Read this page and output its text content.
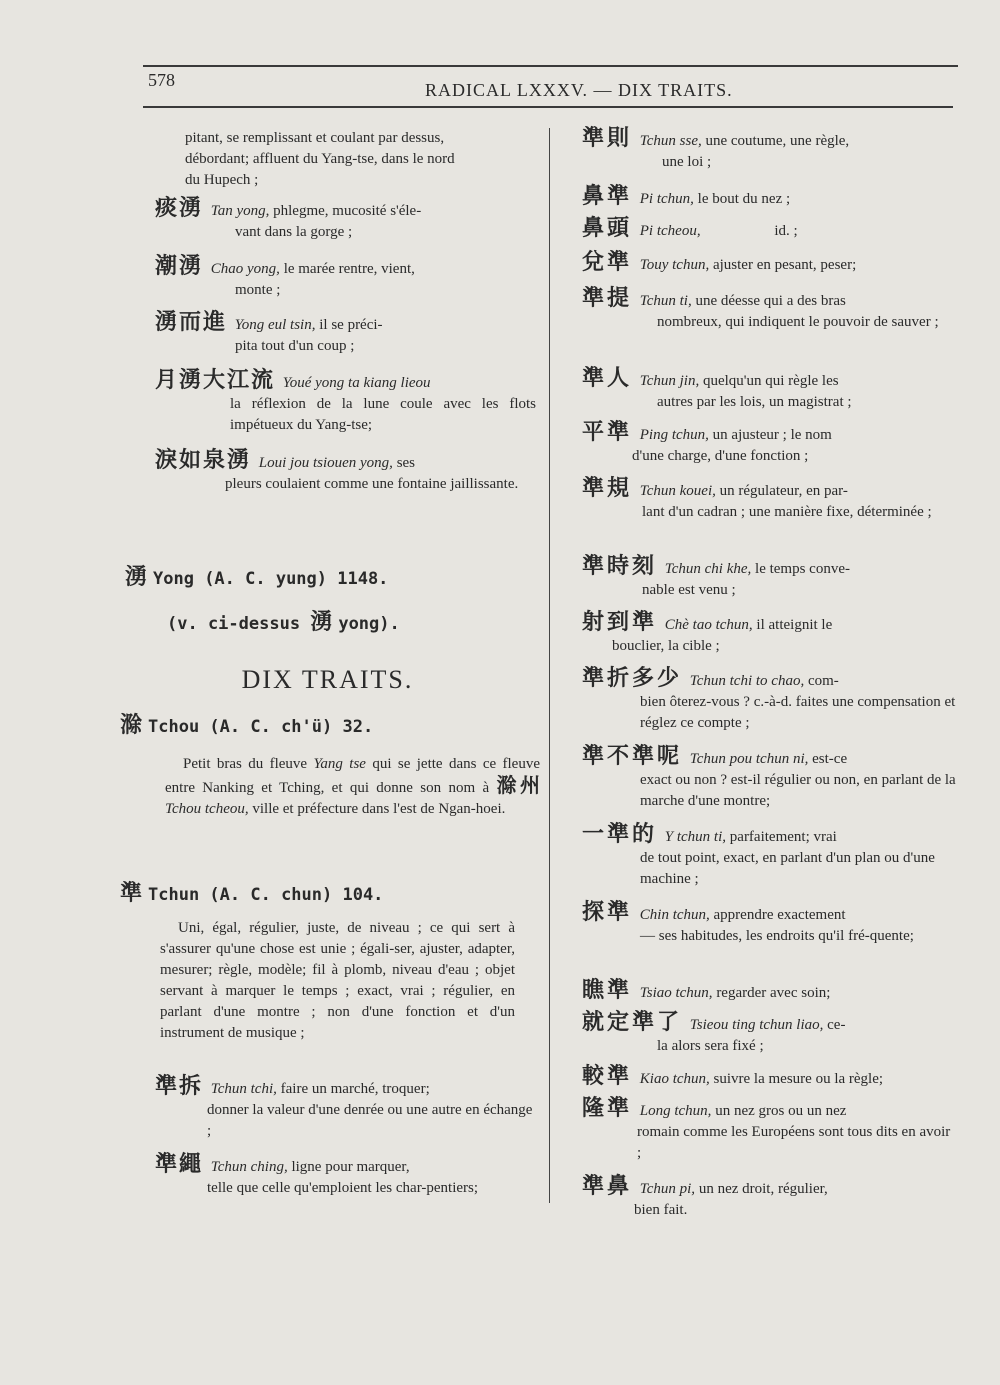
578	RADICAL LXXXV. — DIX TRAITS.
pitant, se remplissant et coulant par dessus,
débordant; affluent du Yang-tse, dans le nord
du Hupech ;
痰湧 Tan yong, phlegme, mucosité s'éle-
vant dans la gorge ;
潮湧 Chao yong, le marée rentre, vient,
monte ;
湧而進 Yong eul tsin, il se préci-
pita tout d'un coup ;
月湧大江流 Youé yong ta kiang lieou
la réflexion de la lune coule avec les flots impétueux du Yang-tse;
淚如泉湧 Loui jou tsiouen yong, ses
pleurs coulaient comme une fontaine jaillissante.
湧 Yong (A. C. yung) 1148.
(v. ci-dessus 湧 yong).
DIX TRAITS.
滁 Tchou (A. C. ch'ü) 32.

Petit bras du fleuve Yang tse qui se jette dans ce fleuve entre Nanking et Tching, et qui donne son nom à 滁州 Tchou tcheou, ville et préfecture dans l'est de Ngan-hoei.

準 Tchun (A. C. chun) 104.

Uni, égal, régulier, juste, de niveau ; ce qui sert à s'assurer qu'une chose est unie ; égali-ser, ajuster, adapter, mesurer; règle, modèle; fil à plomb, niveau d'eau ; objet servant à marquer le temps ; exact, vrai ; régulier, en parlant d'une montre ; non d'une fonction et d'un instrument de musique ;

準拆 Tchun tchi, faire un marché, troquer;
donner la valeur d'une denrée ou une autre en échange ;
準繩 Tchun ching, ligne pour marquer,
telle que celle qu'emploient les char-pentiers;
準則 Tchun sse, une coutume, une règle,
une loi ;
鼻準 Pi tchun, le bout du nez ;
鼻頭 Pi tcheou,	id. ;
兌準 Touy tchun, ajuster en pesant, peser;
準提 Tchun ti, une déesse qui a des bras
nombreux, qui indiquent le pouvoir de sauver ;
準人 Tchun jin, quelqu'un qui règle les
autres par les lois, un magistrat ;
平準 Ping tchun, un ajusteur ; le nom
d'une charge, d'une fonction ;
準規 Tchun kouei, un régulateur, en par-
lant d'un cadran ; une manière fixe, déterminée ;
準時刻 Tchun chi khe, le temps conve-
nable est venu ;
射到準 Chè tao tchun, il atteignit le
bouclier, la cible ;
準折多少 Tchun tchi to chao, com-
bien ôterez-vous ? c.-à-d. faites une compensation et réglez ce compte ;
準不準呢 Tchun pou tchun ni, est-ce
exact ou non ? est-il régulier ou non, en parlant de la marche d'une montre;
一準的 Y tchun ti, parfaitement; vrai
de tout point, exact, en parlant d'un plan ou d'une machine ;
探準 Chin tchun, apprendre exactement
— ses habitudes, les endroits qu'il fré-quente;
瞧準 Tsiao tchun, regarder avec soin;
就定準了 Tsieou ting tchun liao, ce-
la alors sera fixé ;
較準 Kiao tchun, suivre la mesure ou la règle;
隆準 Long tchun, un nez gros ou un nez
romain comme les Européens sont tous dits en avoir ;
準鼻 Tchun pi, un nez droit, régulier,
bien fait.
